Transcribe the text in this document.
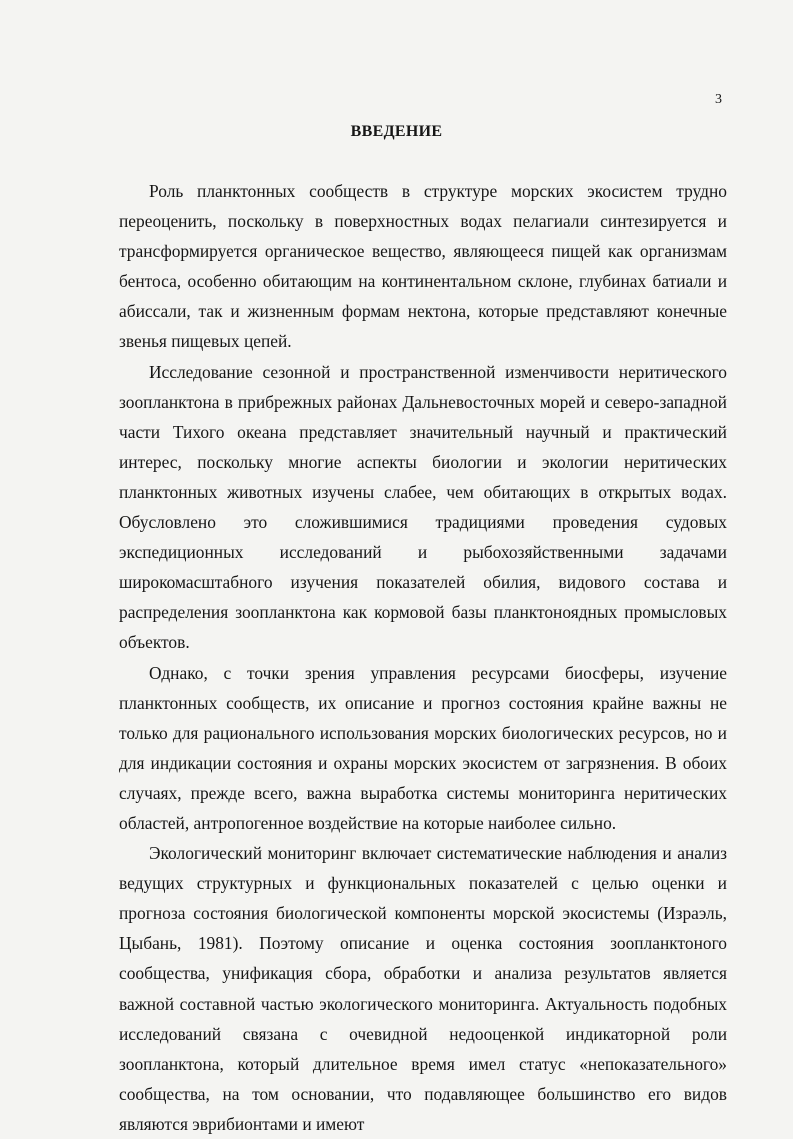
3
ВВЕДЕНИЕ

Роль планктонных сообществ в структуре морских экосистем трудно переоценить, поскольку в поверхностных водах пелагиали синтезируется и трансформируется органическое вещество, являющееся пищей как организмам бентоса, особенно обитающим на континентальном склоне, глубинах батиали и абиссали, так и жизненным формам нектона, которые представляют конечные звенья пищевых цепей.

Исследование сезонной и пространственной изменчивости неритического зоопланктона в прибрежных районах Дальневосточных морей и северо-западной части Тихого океана представляет значительный научный и практический интерес, поскольку многие аспекты биологии и экологии неритических планктонных животных изучены слабее, чем обитающих в открытых водах. Обусловлено это сложившимися традициями проведения судовых экспедиционных исследований и рыбохозяйственными задачами широкомасштабного изучения показателей обилия, видового состава и распределения зоопланктона как кормовой базы планктоноядных промысловых объектов.

Однако, с точки зрения управления ресурсами биосферы, изучение планктонных сообществ, их описание и прогноз состояния крайне важны не только для рационального использования морских биологических ресурсов, но и для индикации состояния и охраны морских экосистем от загрязнения. В обоих случаях, прежде всего, важна выработка системы мониторинга неритических областей, антропогенное воздействие на которые наиболее сильно.

Экологический мониторинг включает систематические наблюдения и анализ ведущих структурных и функциональных показателей с целью оценки и прогноза состояния биологической компоненты морской экосистемы (Израэль, Цыбань, 1981). Поэтому описание и оценка состояния зоопланктоного сообщества, унификация сбора, обработки и анализа результатов является важной составной частью экологического мониторинга. Актуальность подобных исследований связана с очевидной недооценкой индикаторной роли зоопланктона, который длительное время имел статус «непоказательного» сообщества, на том основании, что подавляющее большинство его видов являются эврибионтами и имеют
